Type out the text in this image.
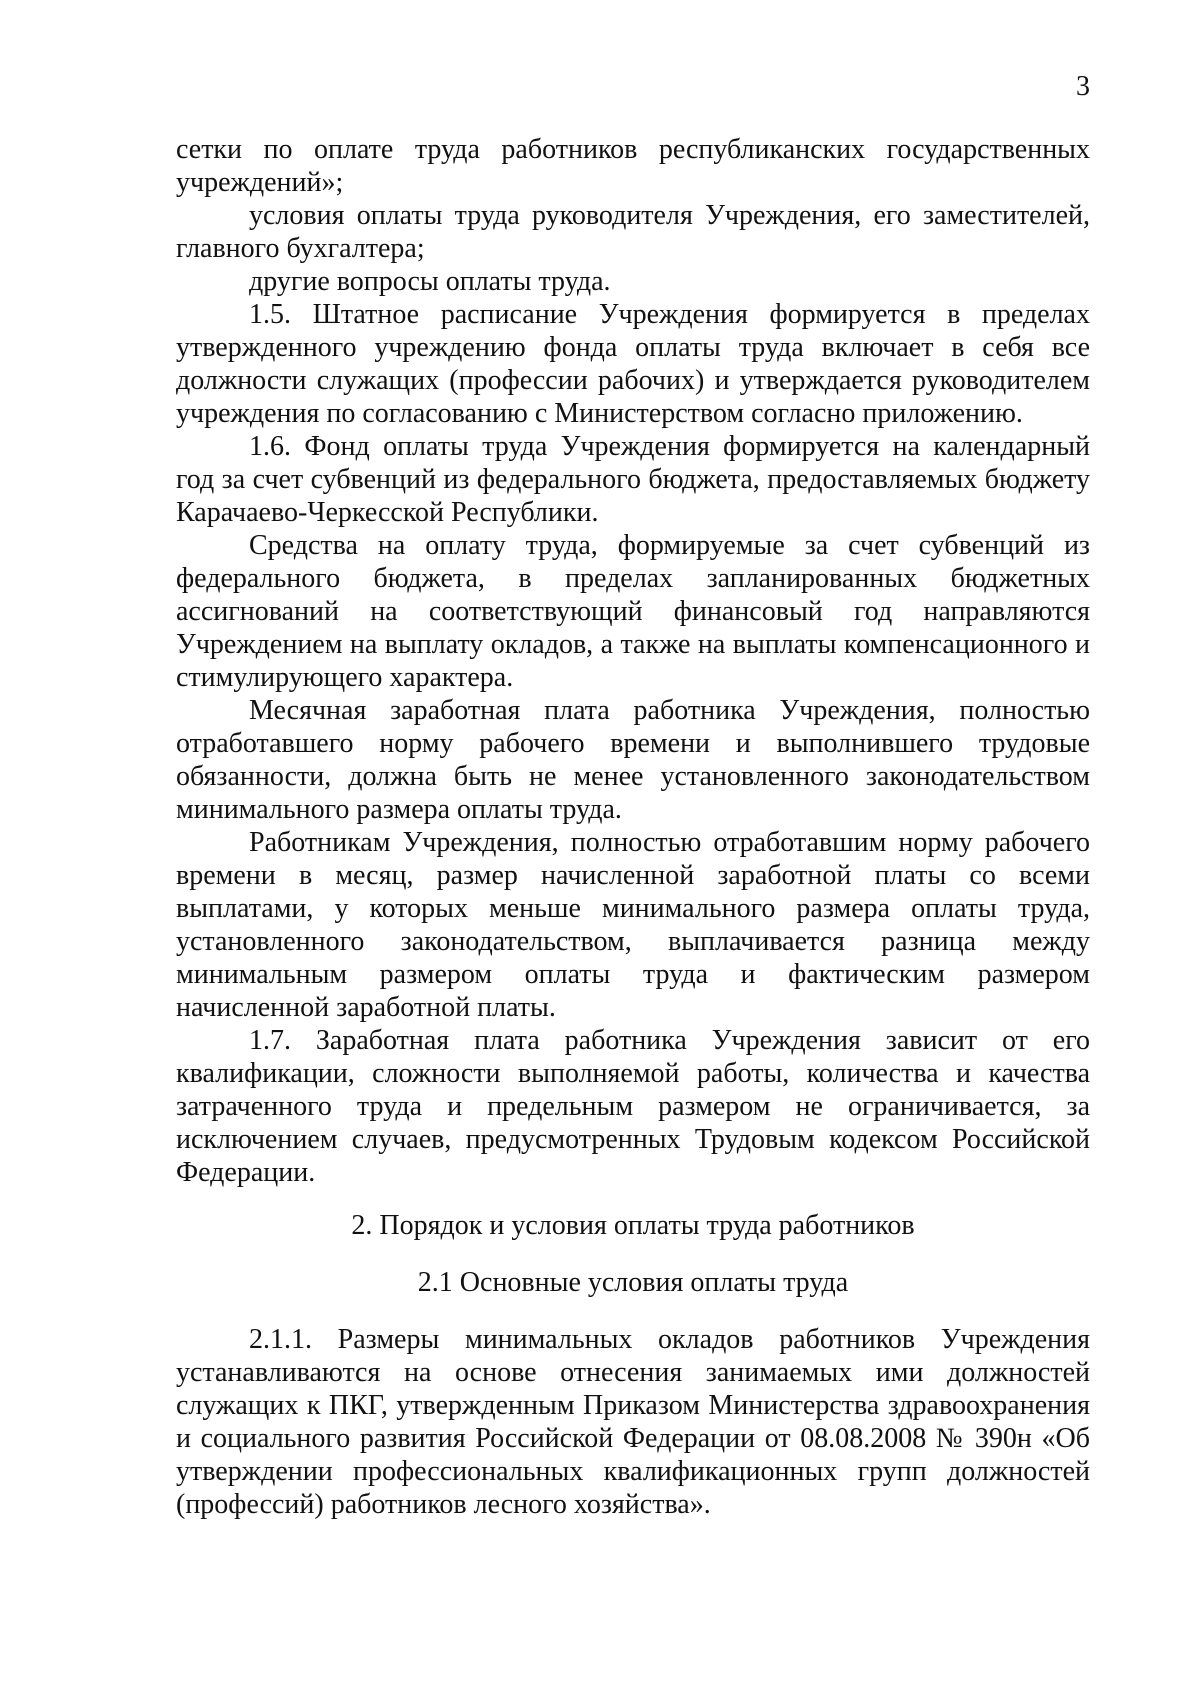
3

сетки по оплате труда работников республиканских государственных учреждений»;

условия оплаты труда руководителя Учреждения, его заместителей, главного бухгалтера;

другие вопросы оплаты труда.

1.5. Штатное расписание Учреждения формируется в пределах утвержденного учреждению фонда оплаты труда включает в себя все должности служащих (профессии рабочих) и утверждается руководителем учреждения по согласованию с Министерством согласно приложению.

1.6. Фонд оплаты труда Учреждения формируется на календарный год за счет субвенций из федерального бюджета, предоставляемых бюджету Карачаево-Черкесской Республики.

Средства на оплату труда, формируемые за счет субвенций из федерального бюджета, в пределах запланированных бюджетных ассигнований на соответствующий финансовый год направляются Учреждением на выплату окладов, а также на выплаты компенсационного и стимулирующего характера.

Месячная заработная плата работника Учреждения, полностью отработавшего норму рабочего времени и выполнившего трудовые обязанности, должна быть не менее установленного законодательством минимального размера оплаты труда.

Работникам Учреждения, полностью отработавшим норму рабочего времени в месяц, размер начисленной заработной платы со всеми выплатами, у которых меньше минимального размера оплаты труда, установленного законодательством, выплачивается разница между минимальным размером оплаты труда и фактическим размером начисленной заработной платы.

1.7. Заработная плата работника Учреждения зависит от его квалификации, сложности выполняемой работы, количества и качества затраченного труда и предельным размером не ограничивается, за исключением случаев, предусмотренных Трудовым кодексом Российской Федерации.

2. Порядок и условия оплаты труда работников
2.1 Основные условия оплаты труда

2.1.1. Размеры минимальных окладов работников Учреждения устанавливаются на основе отнесения занимаемых ими должностей служащих к ПКГ, утвержденным Приказом Министерства здравоохранения и социального развития Российской Федерации от 08.08.2008 № 390н «Об утверждении профессиональных квалификационных групп должностей (профессий) работников лесного хозяйства».
